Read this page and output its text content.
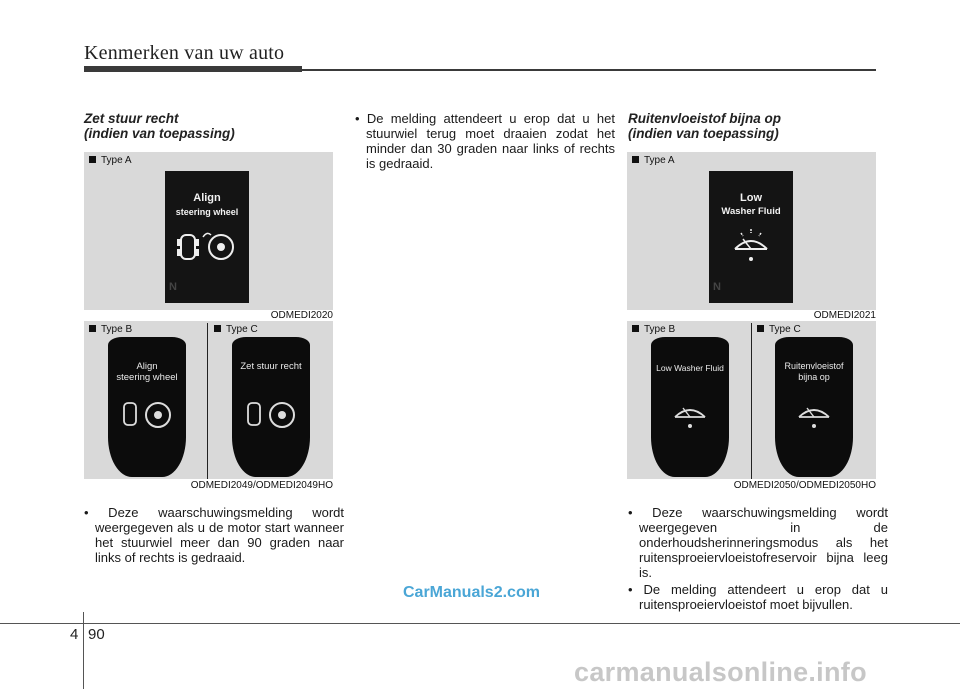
Kenmerken van uw auto
Zet stuur recht
(indien van toepassing)
Type A
Align
steering wheel
N
ODMEDI2020
Type B	Type C
Align
steering wheel
Zet stuur recht
ODMEDI2049/ODMEDI2049HO
• Deze waarschuwingsmelding wordt weergegeven als u de motor start wanneer het stuurwiel meer dan 90 graden naar links of rechts is gedraaid.
• De melding attendeert u erop dat u het stuurwiel terug moet draaien zodat het minder dan 30 graden naar links of rechts is gedraaid.
Ruitenvloeistof bijna op
(indien van toepassing)
Type A
Low
Washer Fluid
N
ODMEDI2021
Type B	Type C
Low Washer Fluid	Ruitenvloeistof
bijna op
ODMEDI2050/ODMEDI2050HO
• Deze waarschuwingsmelding wordt weergegeven in de onderhoudsherinneringsmodus als het ruitensproeiervloeistofreservoir bijna leeg is.
• De melding attendeert u erop dat u ruitensproeiervloeistof moet bijvullen.
CarManuals2.com
4 90
carmanualsonline.info
